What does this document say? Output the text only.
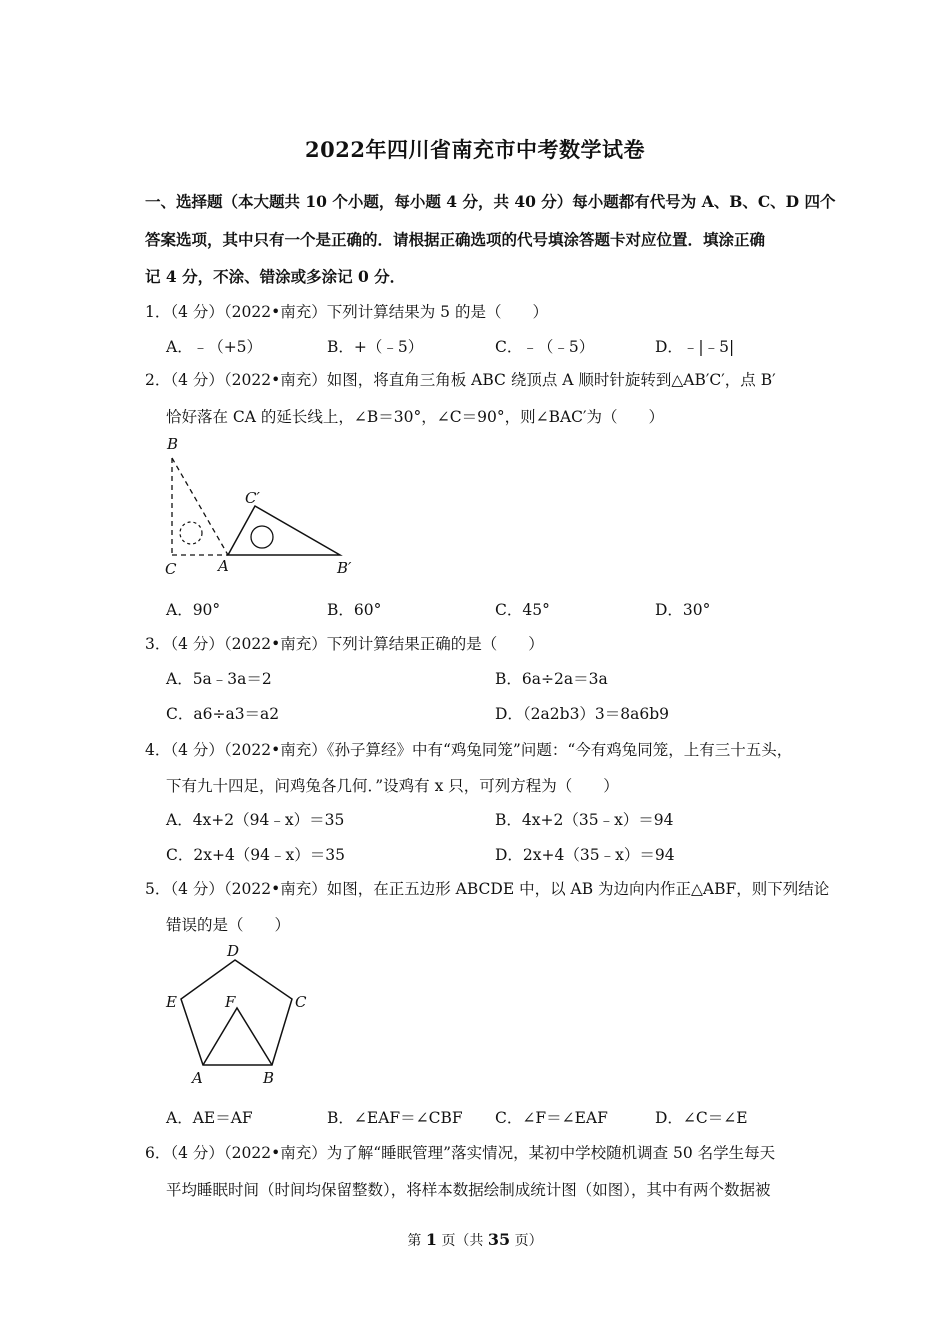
2022年四川省南充市中考数学试卷
一、选择题（本大题共 10 个小题，每小题 4 分，共 40 分）每小题都有代号为 A、B、C、D 四个
答案选项，其中只有一个是正确的．请根据正确选项的代号填涂答题卡对应位置．填涂正确
记 4 分，不涂、错涂或多涂记 0 分．
1．（4 分）（2022•南充）下列计算结果为 5 的是（　　）
A．﹣（+5）	B．+（﹣5）	C．﹣（﹣5）	D．﹣|﹣5|
2．（4 分）（2022•南充）如图，将直角三角板 ABC 绕顶点 A 顺时针旋转到△AB′C′，点 B′
恰好落在 CA 的延长线上，∠B＝30°，∠C＝90°，则∠BAC′为（　　）
B
C	A
C′
B′
A．90°	B．60°	C．45°	D．30°
3．（4 分）（2022•南充）下列计算结果正确的是（　　）
A．5a﹣3a＝2	B．6a÷2a＝3a
C．a6÷a3＝a2	D．（2a2b3）3＝8a6b9
4．（4 分）（2022•南充）《孙子算经》中有“鸡兔同笼”问题：“今有鸡兔同笼，上有三十五头，
下有九十四足，问鸡兔各几何．”设鸡有 x 只，可列方程为（　　）
A．4x+2（94﹣x）＝35	B．4x+2（35﹣x）＝94
C．2x+4（94﹣x）＝35	D．2x+4（35﹣x）＝94
5．（4 分）（2022•南充）如图，在正五边形 ABCDE 中，以 AB 为边向内作正△ABF，则下列结论
错误的是（　　）
D
E	C
F
A	B
A．AE＝AF	B．∠EAF＝∠CBF C．∠F＝∠EAF	D．∠C＝∠E
6．（4 分）（2022•南充）为了解“睡眠管理”落实情况，某初中学校随机调查 50 名学生每天
平均睡眠时间（时间均保留整数），将样本数据绘制成统计图（如图），其中有两个数据被
第 1 页（共 35 页）
